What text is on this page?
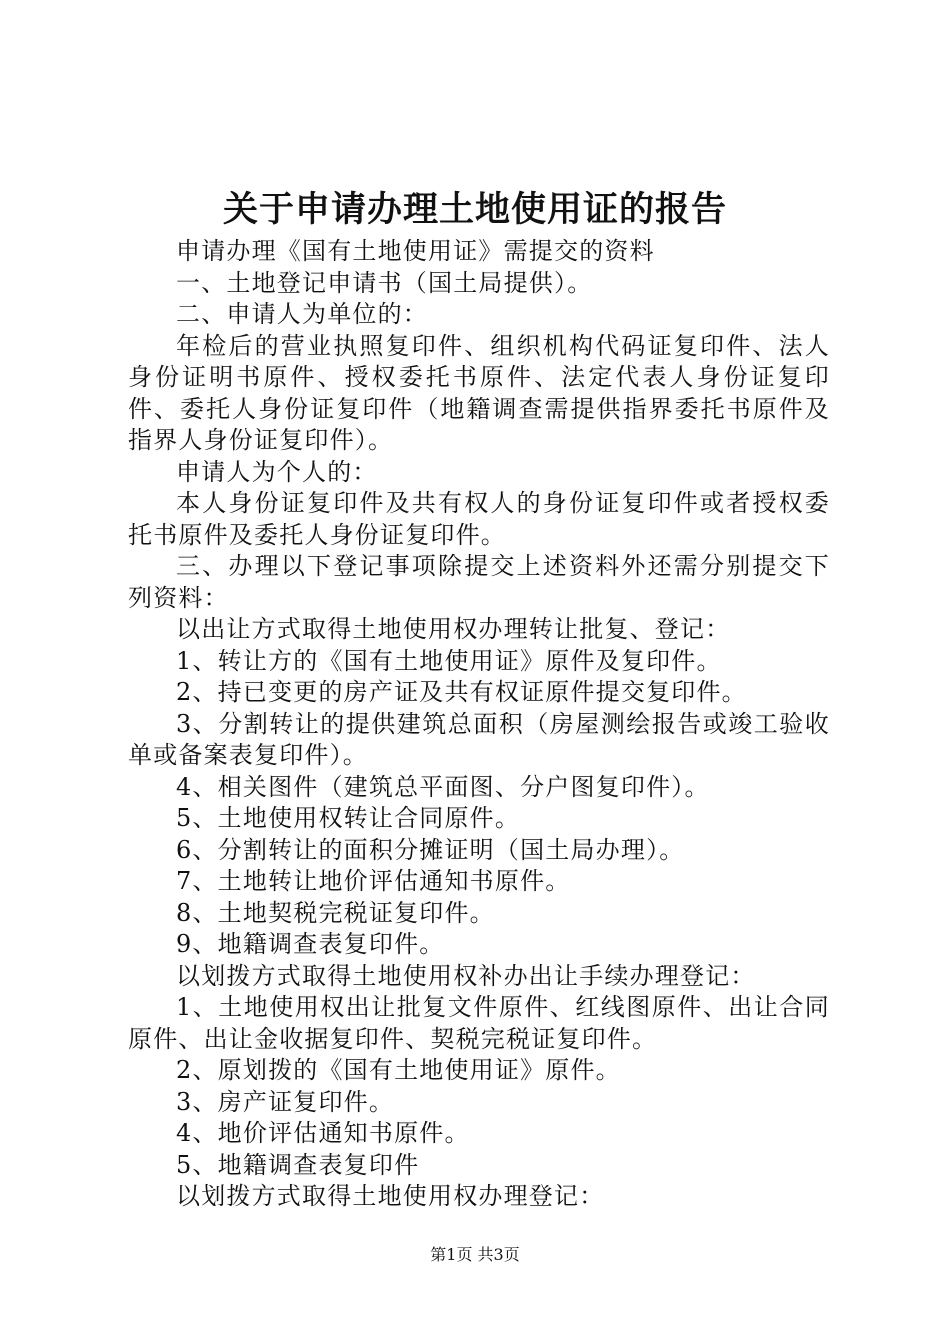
关于申请办理土地使用证的报告

申请办理《国有土地使用证》需提交的资料

一、土地登记申请书（国土局提供）。

二、申请人为单位的：

年检后的营业执照复印件、组织机构代码证复印件、法人身份证明书原件、授权委托书原件、法定代表人身份证复印件、委托人身份证复印件（地籍调查需提供指界委托书原件及指界人身份证复印件）。

申请人为个人的：

本人身份证复印件及共有权人的身份证复印件或者授权委托书原件及委托人身份证复印件。

三、办理以下登记事项除提交上述资料外还需分别提交下列资料：

以出让方式取得土地使用权办理转让批复、登记：

1、转让方的《国有土地使用证》原件及复印件。

2、持已变更的房产证及共有权证原件提交复印件。

3、分割转让的提供建筑总面积（房屋测绘报告或竣工验收单或备案表复印件）。

4、相关图件（建筑总平面图、分户图复印件）。

5、土地使用权转让合同原件。

6、分割转让的面积分摊证明（国土局办理）。

7、土地转让地价评估通知书原件。

8、土地契税完税证复印件。

9、地籍调查表复印件。

以划拨方式取得土地使用权补办出让手续办理登记：

1、土地使用权出让批复文件原件、红线图原件、出让合同原件、出让金收据复印件、契税完税证复印件。

2、原划拨的《国有土地使用证》原件。

3、房产证复印件。

4、地价评估通知书原件。

5、地籍调查表复印件

以划拨方式取得土地使用权办理登记：

第1页 共3页
